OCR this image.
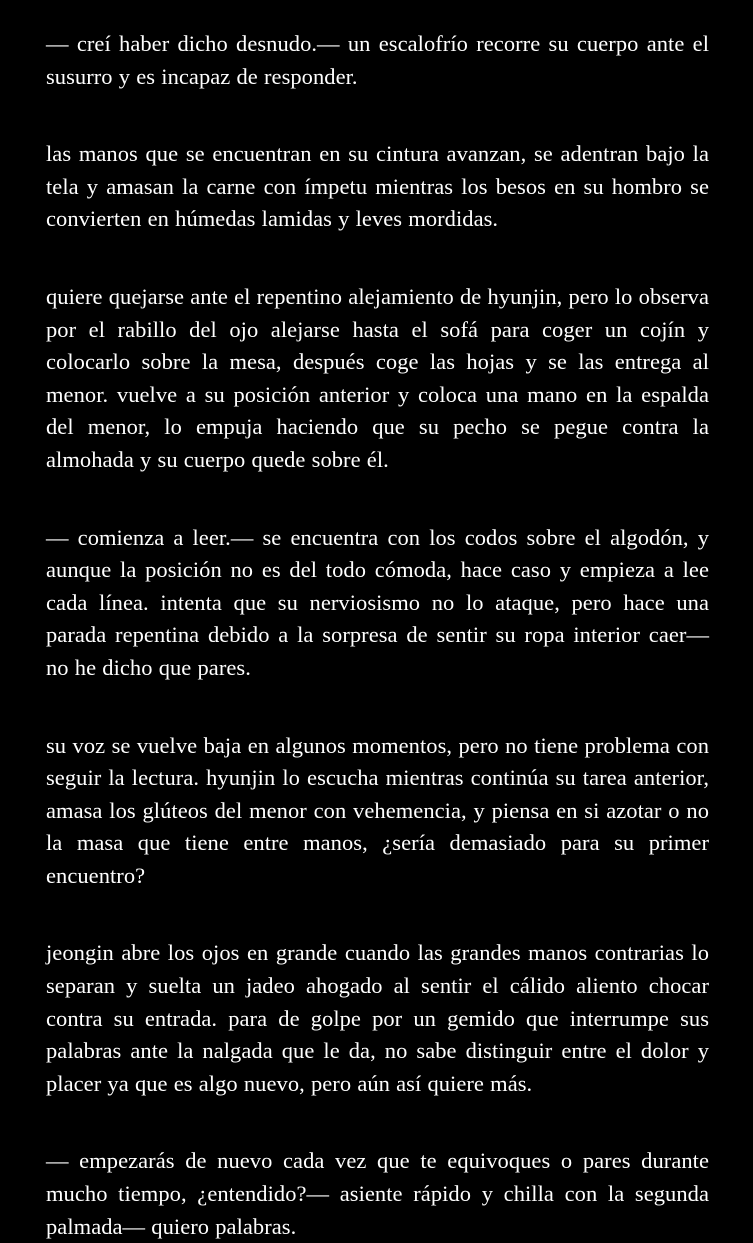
— creí haber dicho desnudo.— un escalofrío recorre su cuerpo ante el susurro y es incapaz de responder.

las manos que se encuentran en su cintura avanzan, se adentran bajo la tela y amasan la carne con ímpetu mientras los besos en su hombro se convierten en húmedas lamidas y leves mordidas.

quiere quejarse ante el repentino alejamiento de hyunjin, pero lo observa por el rabillo del ojo alejarse hasta el sofá para coger un cojín y colocarlo sobre la mesa, después coge las hojas y se las entrega al menor. vuelve a su posición anterior y coloca una mano en la espalda del menor, lo empuja haciendo que su pecho se pegue contra la almohada y su cuerpo quede sobre él.

— comienza a leer.— se encuentra con los codos sobre el algodón, y aunque la posición no es del todo cómoda, hace caso y empieza a lee cada línea. intenta que su nerviosismo no lo ataque, pero hace una parada repentina debido a la sorpresa de sentir su ropa interior caer— no he dicho que pares.

su voz se vuelve baja en algunos momentos, pero no tiene problema con seguir la lectura. hyunjin lo escucha mientras continúa su tarea anterior, amasa los glúteos del menor con vehemencia, y piensa en si azotar o no la masa que tiene entre manos, ¿sería demasiado para su primer encuentro?

jeongin abre los ojos en grande cuando las grandes manos contrarias lo separan y suelta un jadeo ahogado al sentir el cálido aliento chocar contra su entrada. para de golpe por un gemido que interrumpe sus palabras ante la nalgada que le da, no sabe distinguir entre el dolor y placer ya que es algo nuevo, pero aún así quiere más.

— empezarás de nuevo cada vez que te equivoques o pares durante mucho tiempo, ¿entendido?— asiente rápido y chilla con la segunda palmada— quiero palabras.
